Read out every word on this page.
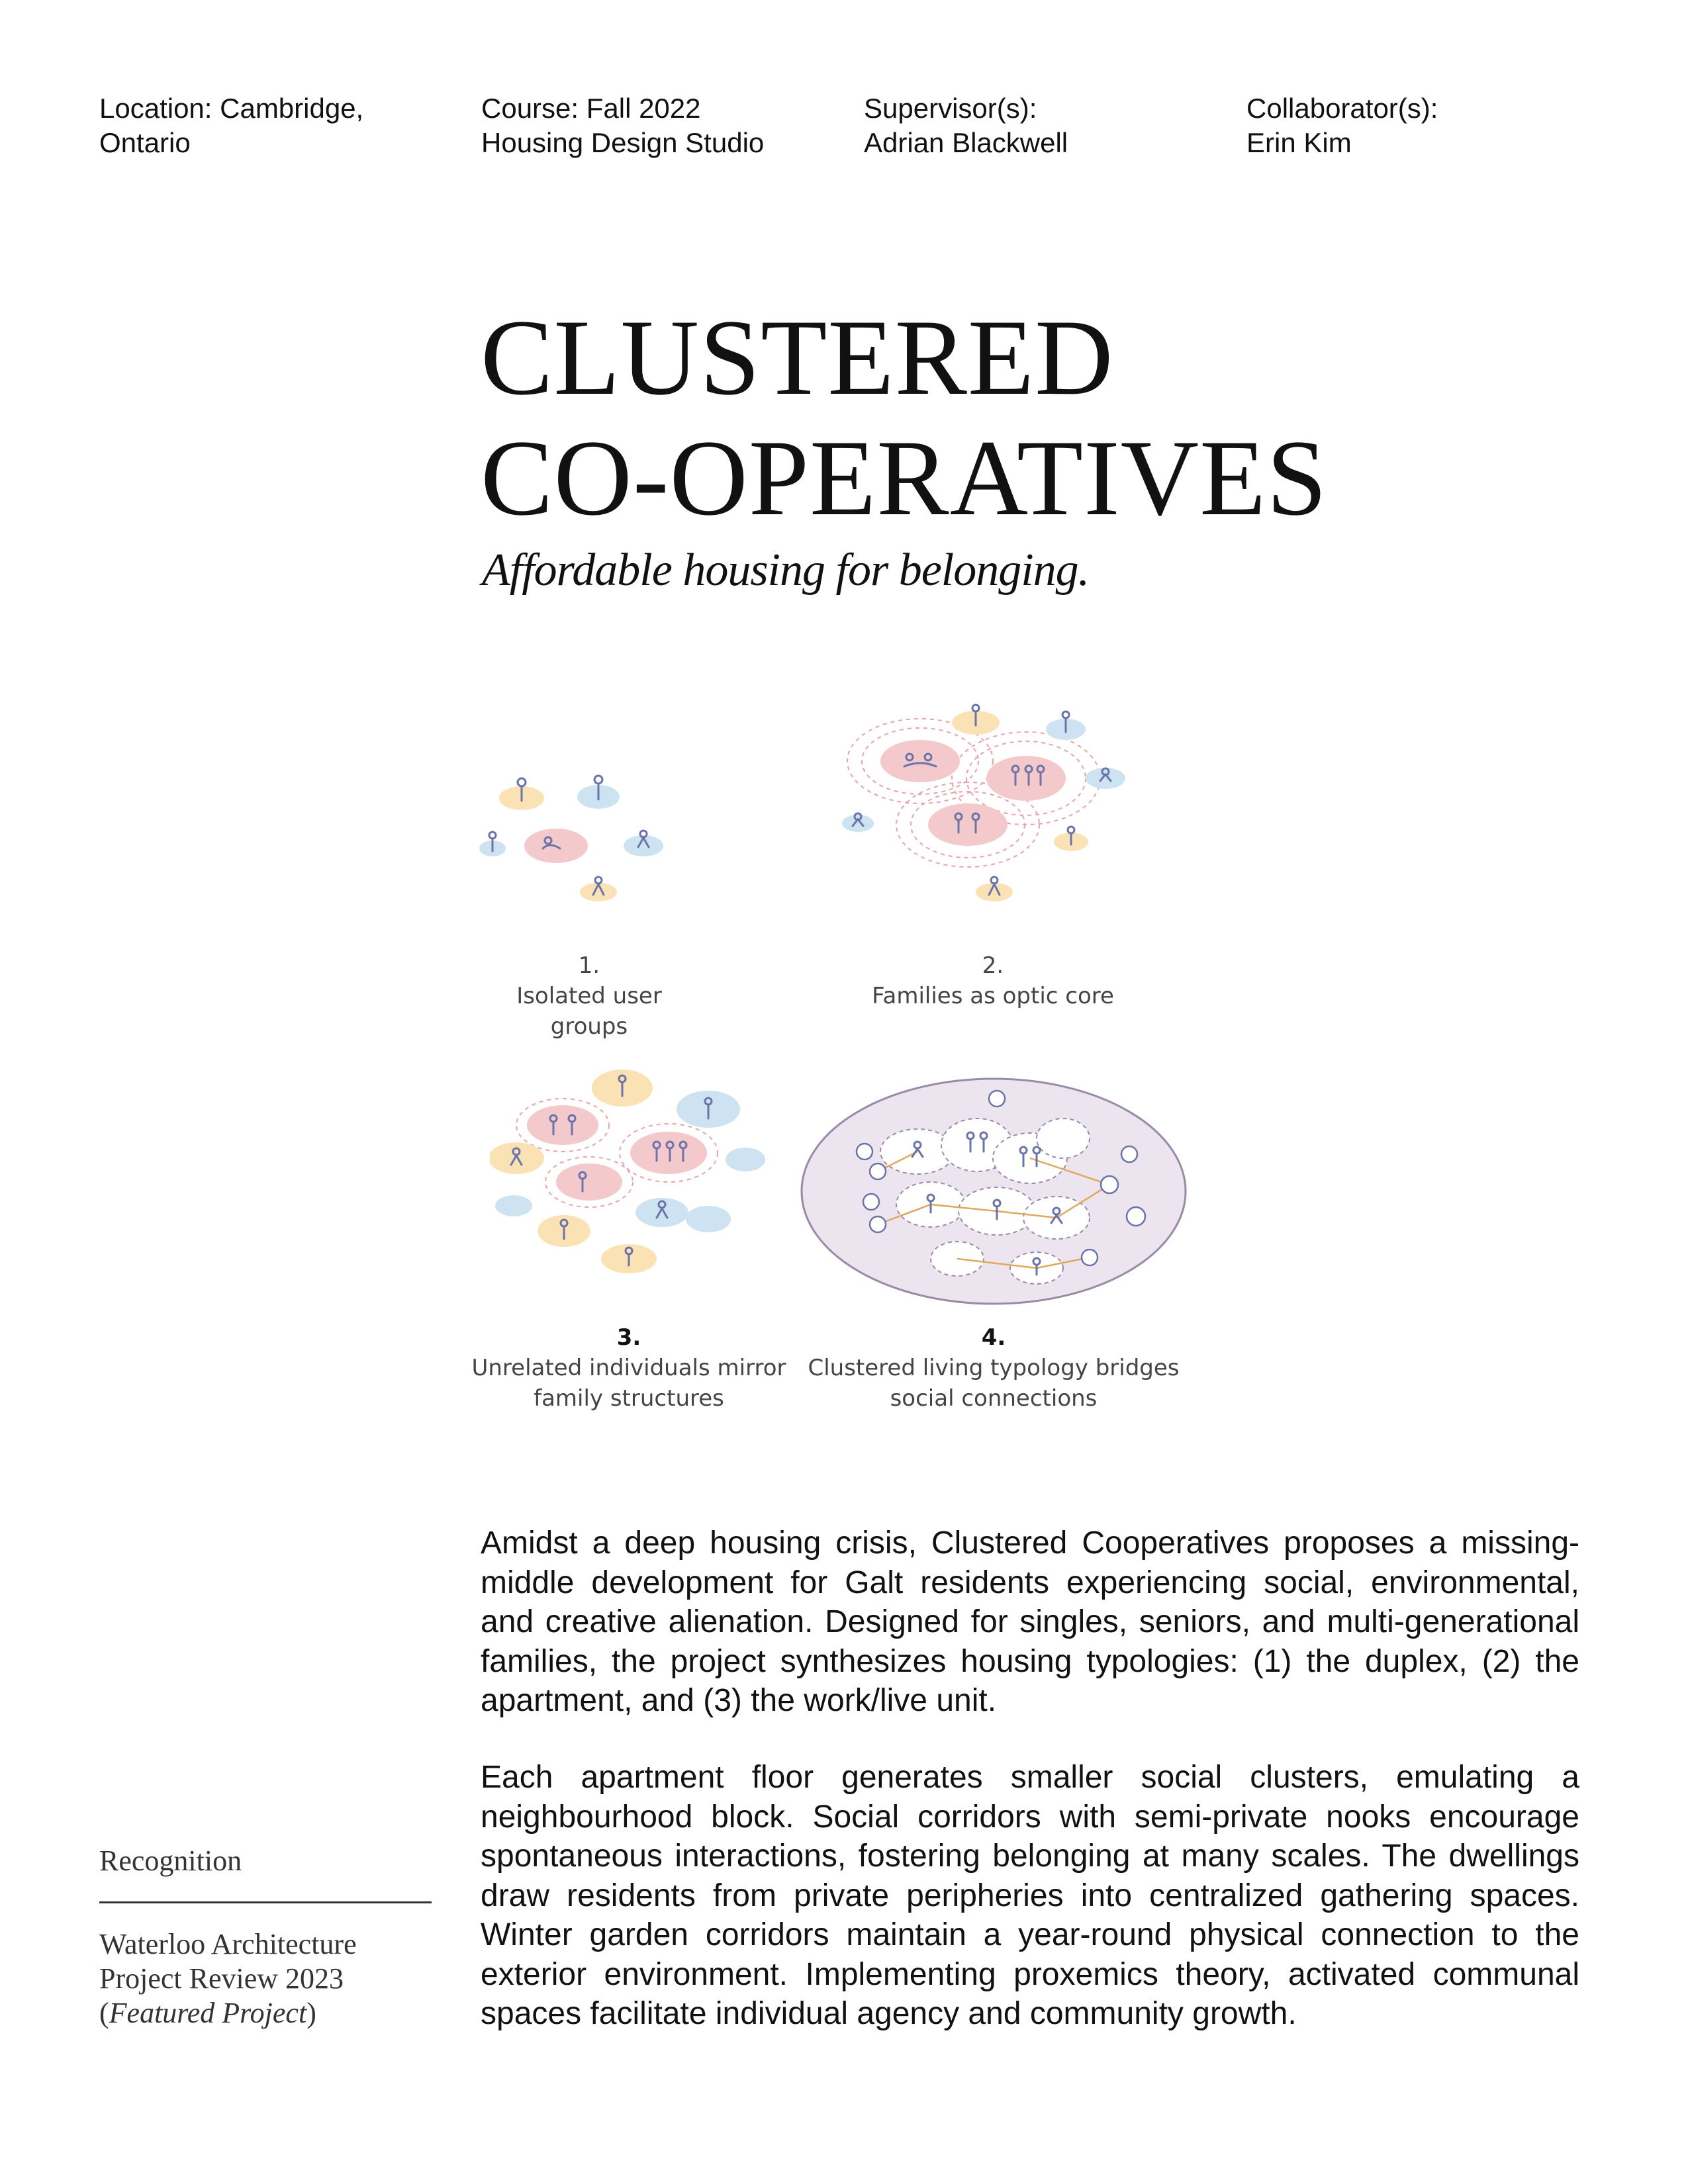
Location: Cambridge,
Ontario
Course: Fall 2022
Housing Design Studio
Supervisor(s):
Adrian Blackwell
Collaborator(s):
Erin Kim
CLUSTERED
CO-OPERATIVES

Affordable housing for belonging.

1.
Isolated user groups
2.
Families as optic core
3.
Unrelated individuals mirror
family structures
4.
Clustered living typology bridges
social connections

Amidst a deep housing crisis, Clustered Cooperatives proposes a missing-middle development for Galt residents experiencing social, environmental, and creative alienation. Designed for singles, seniors, and multi-generational families, the project synthesizes housing typologies: (1) the duplex, (2) the apartment, and (3) the work/live unit.

Each apartment floor generates smaller social clusters, emulating a neighbourhood block. Social corridors with semi-private nooks encourage spontaneous interactions, fostering belonging at many scales. The dwellings draw residents from private peripheries into centralized gathering spaces. Winter garden corridors maintain a year-round physical connection to the exterior environment. Implementing proxemics theory, activated communal spaces facilitate individual agency and community growth.

Recognition
Waterloo Architecture
Project Review 2023
(Featured Project)
